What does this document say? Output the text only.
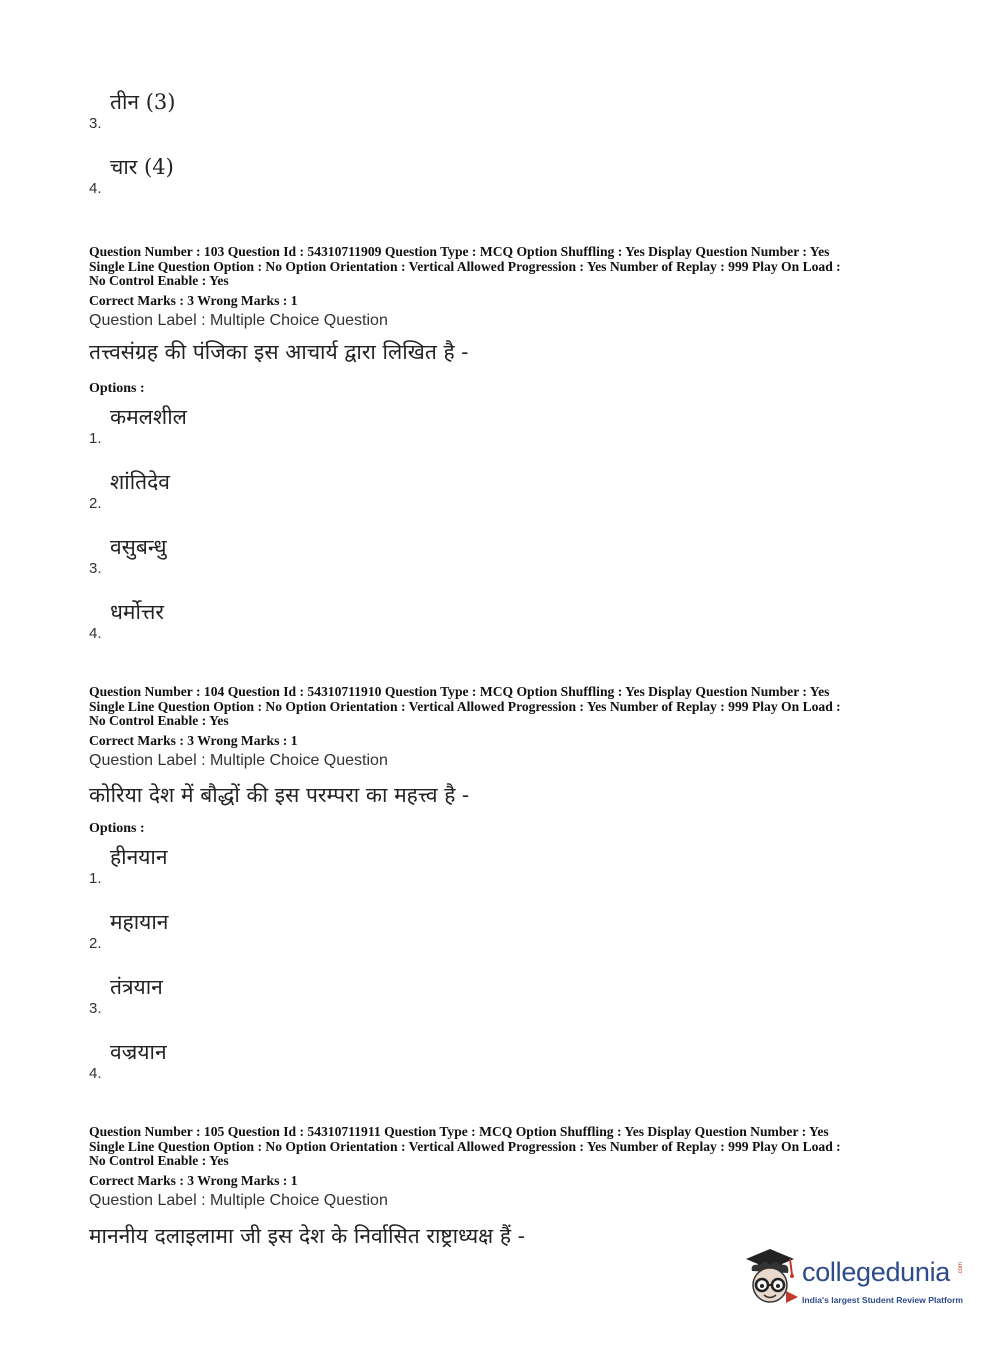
3.
तीन (3)
4.
चार (4)
Question Number : 103 Question Id : 54310711909 Question Type : MCQ Option Shuffling : Yes Display Question Number : Yes
Single Line Question Option : No Option Orientation : Vertical Allowed Progression : Yes Number of Replay : 999 Play On Load :
No Control Enable : Yes
Correct Marks : 3 Wrong Marks : 1
Question Label : Multiple Choice Question
तत्त्वसंग्रह की पंजिका इस आचार्य द्वारा लिखित है -
Options :
1.
कमलशील
2.
शांतिदेव
3.
वसुबन्धु
4.
धर्मोत्तर
Question Number : 104 Question Id : 54310711910 Question Type : MCQ Option Shuffling : Yes Display Question Number : Yes
Single Line Question Option : No Option Orientation : Vertical Allowed Progression : Yes Number of Replay : 999 Play On Load :
No Control Enable : Yes
Correct Marks : 3 Wrong Marks : 1
Question Label : Multiple Choice Question
कोरिया देश में बौद्धों की इस परम्परा का महत्त्व है -
Options :
1.
हीनयान
2.
महायान
3.
तंत्रयान
4.
वज्रयान
Question Number : 105 Question Id : 54310711911 Question Type : MCQ Option Shuffling : Yes Display Question Number : Yes
Single Line Question Option : No Option Orientation : Vertical Allowed Progression : Yes Number of Replay : 999 Play On Load :
No Control Enable : Yes
Correct Marks : 3 Wrong Marks : 1
Question Label : Multiple Choice Question
माननीय दलाइलामा जी इस देश के निर्वासित राष्ट्राध्यक्ष हैं -
collegedunia .com
India's largest Student Review Platform
